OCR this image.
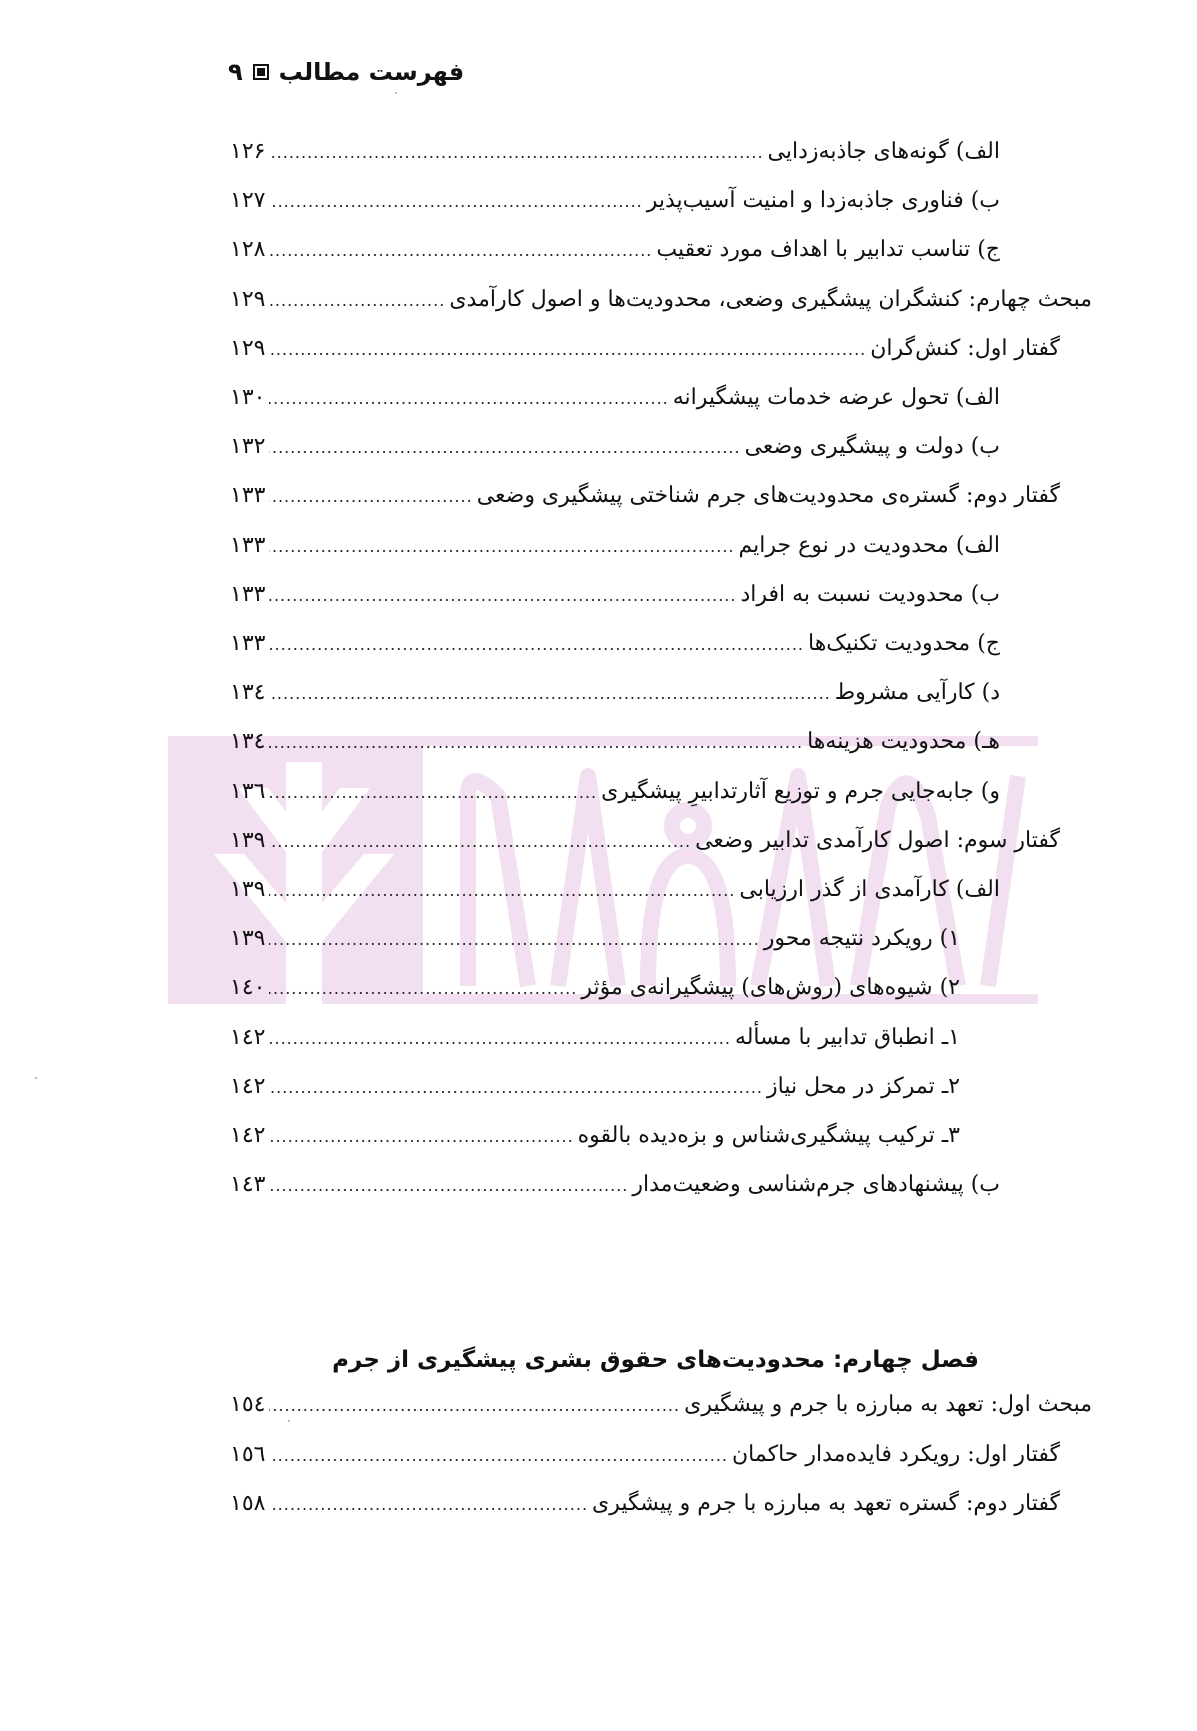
فهرست مطالب
۹
الف) گونه‌های جاذبه‌زدایی
.....
۱۲۶
ب) فناوری جاذبه‌زدا و امنیت آسیب‌پذیر
.....
۱۲۷
ج) تناسب تدابیر با اهداف مورد تعقیب
.....
۱۲۸
مبحث چهارم: کنشگران پیشگیری وضعی، محدودیت‌ها و اصول کارآمدی
.....
۱۲۹
گفتار اول: کنش‌گران
.....
۱۲۹
الف) تحول عرضه خدمات پیشگیرانه
.....
۱۳۰
ب) دولت و پیشگیری وضعی
.....
۱۳۲
گفتار دوم: گستره‌ی محدودیت‌های جرم شناختی پیشگیری وضعی
.....
۱۳۳
الف) محدودیت در نوع جرایم
.....
۱۳۳
ب) محدودیت نسبت به افراد
.....
۱۳۳
ج) محدودیت تکنیک‌ها
.....
۱۳۳
د) کارآیی مشروط
.....
۱۳٤
هـ) محدودیت هزینه‌ها
.....
۱۳٤
و) جابه‌جایی جرم و توزیع آثارتدابیرِ پیشگیری
.....
۱۳٦
گفتار سوم: اصول کارآمدی تدابیر وضعی
.....
۱۳۹
الف) کارآمدی از گذر ارزیابی
.....
۱۳۹
۱) رویکرد نتیجه محور
.....
۱۳۹
۲) شیوه‌های (روش‌های) پیشگیرانه‌ی مؤثر
.....
۱٤۰
۱ـ انطباق تدابیر با مسأله
.....
۱٤۲
۲ـ تمرکز در محل نیاز
.....
۱٤۲
۳ـ ترکیب پیشگیری‌شناس و بزه‌دیده بالقوه
.....
۱٤۲
ب) پیشنهادهای جرم‌شناسی وضعیت‌مدار
.....
۱٤۳
مبحث اول: تعهد به مبارزه با جرم و پیشگیری
.....
۱٥٤
گفتار اول: رویکرد فایده‌مدار حاکمان
.....
۱٥٦
گفتار دوم: گستره تعهد به مبارزه با جرم و پیشگیری
.....
۱٥۸
فصل چهارم: محدودیت‌های حقوق بشری پیشگیری از جرم
